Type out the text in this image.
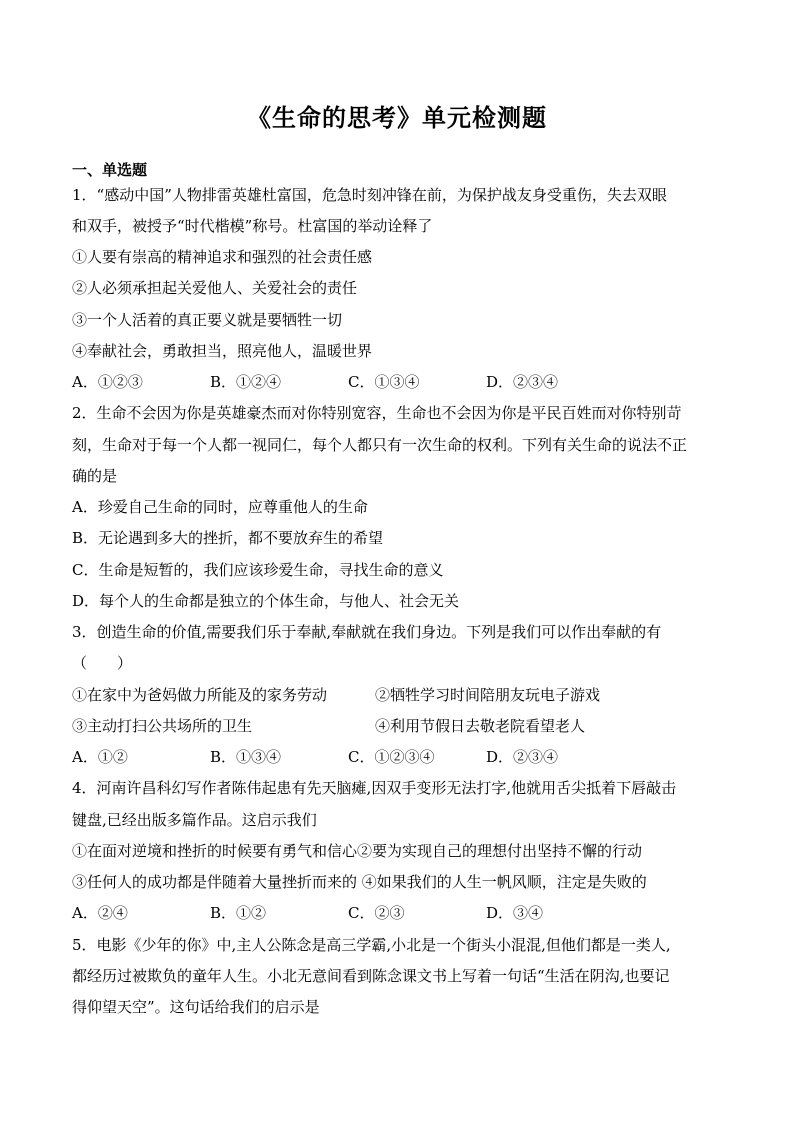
《生命的思考》单元检测题
一、单选题
1．“感动中国”人物排雷英雄杜富国，危急时刻冲锋在前，为保护战友身受重伤，失去双眼
和双手，被授予“时代楷模”称号。杜富国的举动诠释了
①人要有崇高的精神追求和强烈的社会责任感
②人必须承担起关爱他人、关爱社会的责任
③一个人活着的真正要义就是要牺牲一切
④奉献社会，勇敢担当，照亮他人，温暖世界
A．①②③	B．①②④	C．①③④	D．②③④
2．生命不会因为你是英雄豪杰而对你特别宽容，生命也不会因为你是平民百姓而对你特别苛
刻，生命对于每一个人都一视同仁，每个人都只有一次生命的权利。下列有关生命的说法不正
确的是
A．珍爱自己生命的同时，应尊重他人的生命
B．无论遇到多大的挫折，都不要放弃生的希望
C．生命是短暂的，我们应该珍爱生命，寻找生命的意义
D．每个人的生命都是独立的个体生命，与他人、社会无关
3．创造生命的价值,需要我们乐于奉献,奉献就在我们身边。下列是我们可以作出奉献的有
（　　）
①在家中为爸妈做力所能及的家务劳动	②牺牲学习时间陪朋友玩电子游戏
③主动打扫公共场所的卫生	④利用节假日去敬老院看望老人
A．①②	B．①③④	C．①②③④	D．②③④
4．河南许昌科幻写作者陈伟起患有先天脑瘫,因双手变形无法打字,他就用舌尖抵着下唇敲击
键盘,已经出版多篇作品。这启示我们
①在面对逆境和挫折的时候要有勇气和信心②要为实现自己的理想付出坚持不懈的行动
③任何人的成功都是伴随着大量挫折而来的 ④如果我们的人生一帆风顺，注定是失败的
A．②④	B．①②	C．②③	D．③④
5．电影《少年的你》中,主人公陈念是高三学霸,小北是一个街头小混混,但他们都是一类人,
都经历过被欺负的童年人生。小北无意间看到陈念课文书上写着一句话“生活在阴沟,也要记
得仰望天空”。这句话给我们的启示是
